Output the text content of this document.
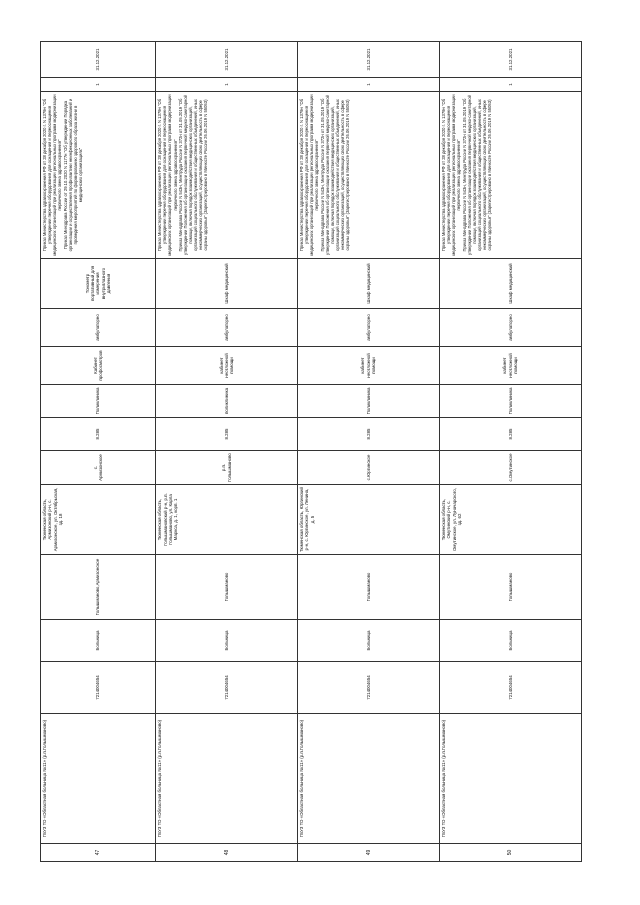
47	ГБУЗ ТО «Областная больница №11» (р.п.Голышманово)	7214004654	Больница	Голышманово,Армизонское	Тюменская область, Армизонский р-н, с. Армизонское, ул. Октябрьская, зд. 18	с. Армизонское	8.285	Поликлиника	Кабинет профосмотров	амбулаторно	Тонометр портативный для измерения внутриглазного давления	Приказ Министерства здравоохранения РФ от 28 декабря 2020 г. N 1379н "Об утверждении перечня оборудования для оснащения и переоснащения медицинских организаций при реализации региональных программ модернизации первичного звена здравоохранения" Приказ Минздрава России от 29.10.2020 N 1177н "Об утверждении Порядка организации и осуществления профилактики неинфекционных заболеваний и проведения мероприятий по формированию здорового образа жизни в медицинских организациях"	1	31.12.2021
48	ГБУЗ ТО «Областная больница №11» (р.п.Голышманово)	7214004654	Больница	Голышманово	Тюменская область, Голышмановский р-н, р.п. Голышманово, ул. Карла Маркса, д. 1, корп. 1	р.п. Голышманово	8.285	поликлиника	кабинет неотложной помощи	амбулаторно	Шкаф медицинский	Приказ Министерства здравоохранения РФ от 28 декабря 2020 г. N 1379н "Об утверждении перечня оборудования для оснащения и переоснащения медицинских организаций при реализации региональных программ модернизации первичного звена здравоохранения" Приказ Минздрава России N 543н, Минтруда России N 372н от 31.05.2019 "Об утверждении Положения об организации оказания первичной медико-санитарной помощи, включая порядок взаимодействия медицинских организаций, организаций социального обслуживания и общественных объединений, иных некоммерческих организаций, осуществляющих свою деятельность в сфере охраны здоровья" (Зарегистрировано в Минюсте России 26.06.2019 N 55053)	1	31.12.2021
49	ГБУЗ ТО «Областная больница №11» (р.п.Голышманово)	7214004654	Больница	Голышманово	Тюменская область, Юргинский р-н, с. Юргинское, ул. Ленина, д. 5	с.Юргинское	8.285	Поликлиника	кабинет неотложной помощи	амбулаторно	Шкаф медицинский	Приказ Министерства здравоохранения РФ от 28 декабря 2020 г. N 1379н "Об утверждении перечня оборудования для оснащения и переоснащения медицинских организаций при реализации региональных программ модернизации первичного звена здравоохранения" Приказ Минздрава России N 543н, Минтруда России N 372н от 31.05.2019 "Об утверждении Положения об организации оказания первичной медико-санитарной помощи, включая порядок взаимодействия медицинских организаций, организаций социального обслуживания и общественных объединений, иных некоммерческих организаций, осуществляющих свою деятельность в сфере охраны здоровья" (Зарегистрировано в Минюсте России 26.06.2019 N 55053)	1	31.12.2021
50	ГБУЗ ТО «Областная больница №11» (р.п.Голышманово)	7214004654	Больница	Голышманово	Тюменская область, Омутинский р-н, с. Омутинское, ул. Луначарского, зд. 62	с.Омутинское	8.285	Поликлиника	кабинет неотложной помощи	амбулаторно	Шкаф медицинский	Приказ Министерства здравоохранения РФ от 28 декабря 2020 г. N 1379н "Об утверждении перечня оборудования для оснащения и переоснащения медицинских организаций при реализации региональных программ модернизации первичного звена здравоохранения" Приказ Минздрава России N 543н, Минтруда России N 372н от 31.05.2019 "Об утверждении Положения об организации оказания первичной медико-санитарной помощи, включая порядок взаимодействия медицинских организаций, организаций социального обслуживания и общественных объединений, иных некоммерческих организаций, осуществляющих свою деятельность в сфере охраны здоровья" (Зарегистрировано в Минюсте России 26.06.2019 N 55053)	1	31.12.2021
